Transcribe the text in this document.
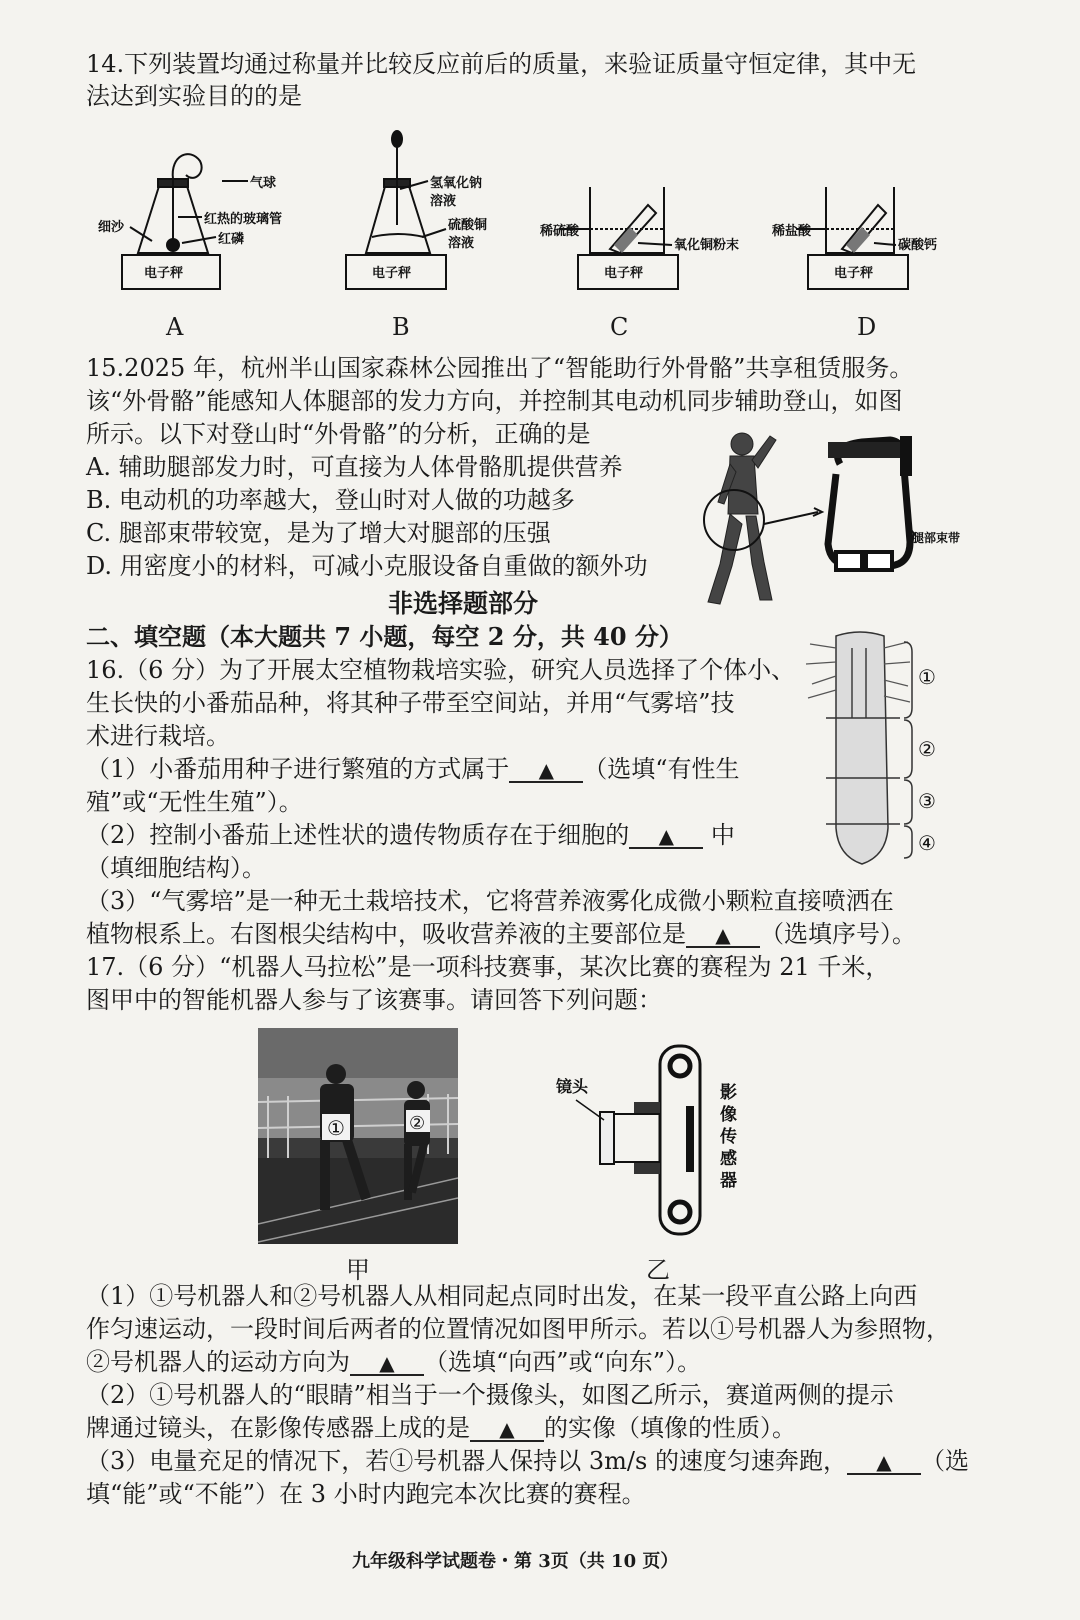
14.下列装置均通过称量并比较反应前后的质量，来验证质量守恒定律，其中无
法达到实验目的的是
气球
红热的玻璃管
细沙
红磷
电子秤
氢氧化钠
溶液
硫酸铜
溶液
电子秤
稀硫酸
氧化铜粉末
电子秤
稀盐酸
碳酸钙
电子秤
A	B	C	D
15.2025 年，杭州半山国家森林公园推出了“智能助行外骨骼”共享租赁服务。
该“外骨骼”能感知人体腿部的发力方向，并控制其电动机同步辅助登山，如图
所示。以下对登山时“外骨骼”的分析，正确的是
A. 辅助腿部发力时，可直接为人体骨骼肌提供营养
B. 电动机的功率越大，登山时对人做的功越多
C. 腿部束带较宽，是为了增大对腿部的压强
D. 用密度小的材料，可减小克服设备自重做的额外功
腿部束带
非选择题部分
二、填空题（本大题共 7 小题，每空 2 分，共 40 分）
16.（6 分）为了开展太空植物栽培实验，研究人员选择了个体小、
生长快的小番茄品种，将其种子带至空间站，并用“气雾培”技
术进行栽培。
（1）小番茄用种子进行繁殖的方式属于 ▲ （选填“有性生
殖”或“无性生殖”）。
（2）控制小番茄上述性状的遗传物质存在于细胞的 ▲ 中
（填细胞结构）。
（3）“气雾培”是一种无土栽培技术，它将营养液雾化成微小颗粒直接喷洒在
植物根系上。右图根尖结构中，吸收营养液的主要部位是 ▲ （选填序号）。
①
②
③
④
17.（6 分）“机器人马拉松”是一项科技赛事，某次比赛的赛程为 21 千米，
图甲中的智能机器人参与了该赛事。请回答下列问题：
①	②
镜头	影
像
传
感
器
甲	乙
（1）①号机器人和②号机器人从相同起点同时出发，在某一段平直公路上向西
作匀速运动，一段时间后两者的位置情况如图甲所示。若以①号机器人为参照物，
②号机器人的运动方向为 ▲ （选填“向西”或“向东”）。
（2）①号机器人的“眼睛”相当于一个摄像头，如图乙所示，赛道两侧的提示
牌通过镜头，在影像传感器上成的是 ▲ 的实像（填像的性质）。
（3）电量充足的情况下，若①号机器人保持以 3m/s 的速度匀速奔跑， ▲ （选
填“能”或“不能”）在 3 小时内跑完本次比赛的赛程。
九年级科学试题卷・第 3页（共 10 页）
